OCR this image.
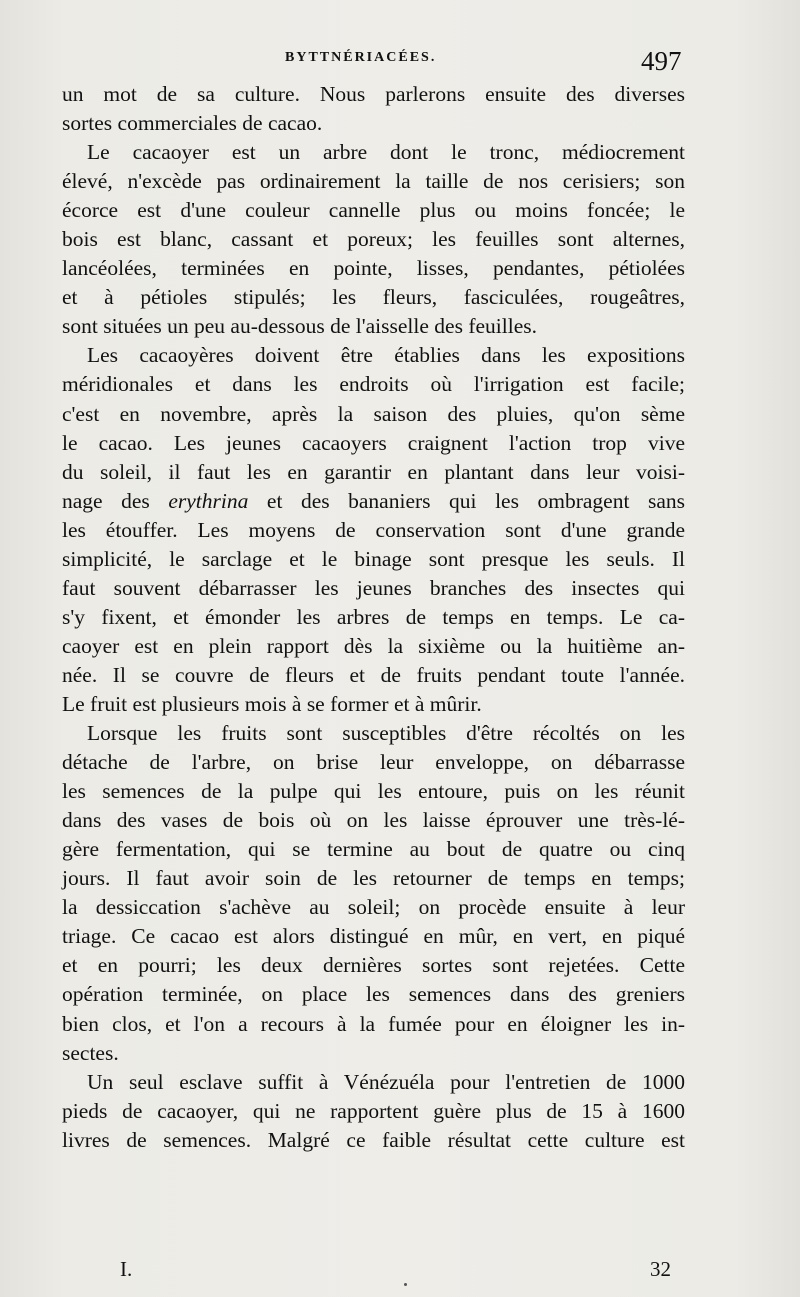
BYTTNÉRIACÉES.	497
un mot de sa culture. Nous parlerons ensuite des diverses
sortes commerciales de cacao.
Le cacaoyer est un arbre dont le tronc, médiocrement
élevé, n'excède pas ordinairement la taille de nos cerisiers; son
écorce est d'une couleur cannelle plus ou moins foncée; le
bois est blanc, cassant et poreux; les feuilles sont alternes,
lancéolées, terminées en pointe, lisses, pendantes, pétiolées
et à pétioles stipulés; les fleurs, fasciculées, rougeâtres,
sont situées un peu au-dessous de l'aisselle des feuilles.
Les cacaoyères doivent être établies dans les expositions
méridionales et dans les endroits où l'irrigation est facile;
c'est en novembre, après la saison des pluies, qu'on sème
le cacao. Les jeunes cacaoyers craignent l'action trop vive
du soleil, il faut les en garantir en plantant dans leur voisi-
nage des erythrina et des bananiers qui les ombragent sans
les étouffer. Les moyens de conservation sont d'une grande
simplicité, le sarclage et le binage sont presque les seuls. Il
faut souvent débarrasser les jeunes branches des insectes qui
s'y fixent, et émonder les arbres de temps en temps. Le ca-
caoyer est en plein rapport dès la sixième ou la huitième an-
née. Il se couvre de fleurs et de fruits pendant toute l'année.
Le fruit est plusieurs mois à se former et à mûrir.
Lorsque les fruits sont susceptibles d'être récoltés on les
détache de l'arbre, on brise leur enveloppe, on débarrasse
les semences de la pulpe qui les entoure, puis on les réunit
dans des vases de bois où on les laisse éprouver une très-lé-
gère fermentation, qui se termine au bout de quatre ou cinq
jours. Il faut avoir soin de les retourner de temps en temps;
la dessiccation s'achève au soleil; on procède ensuite à leur
triage. Ce cacao est alors distingué en mûr, en vert, en piqué
et en pourri; les deux dernières sortes sont rejetées. Cette
opération terminée, on place les semences dans des greniers
bien clos, et l'on a recours à la fumée pour en éloigner les in-
sectes.
Un seul esclave suffit à Vénézuéla pour l'entretien de 1000
pieds de cacaoyer, qui ne rapportent guère plus de 15 à 1600
livres de semences. Malgré ce faible résultat cette culture est
I.	32
